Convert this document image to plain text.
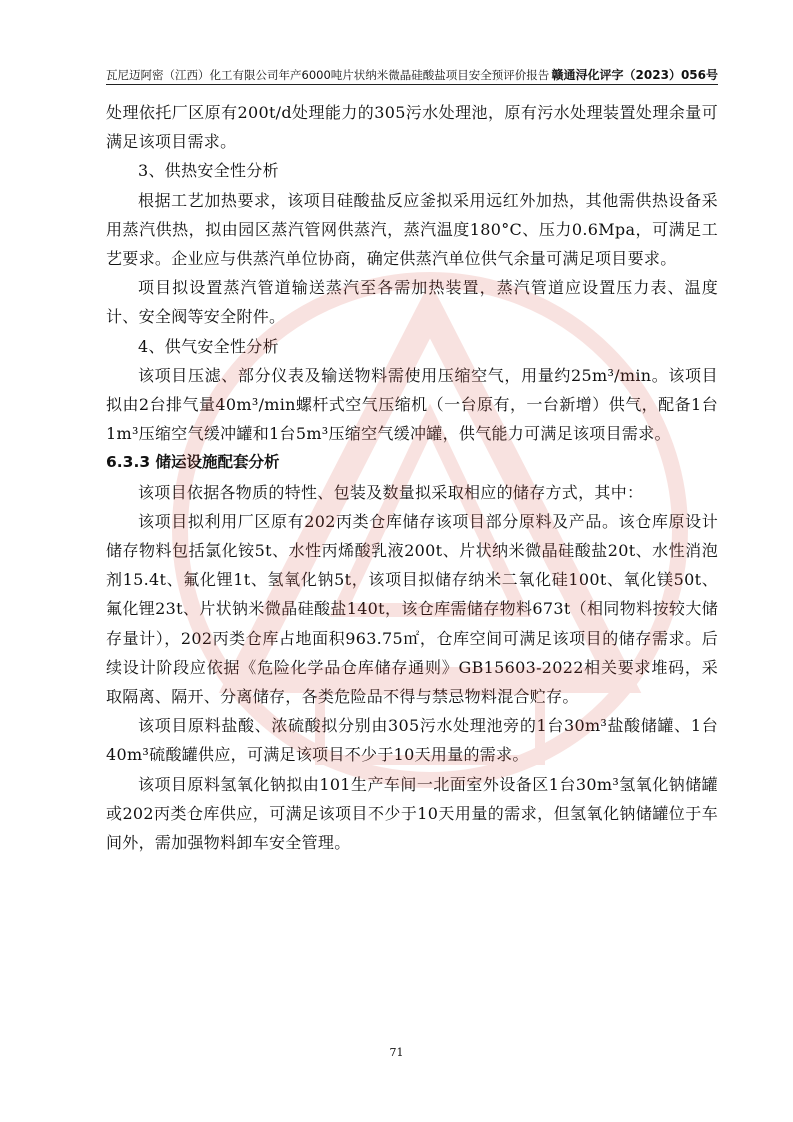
瓦尼迈阿密（江西）化工有限公司年产6000吨片状纳米微晶硅酸盐项目安全预评价报告 赣通浔化评字（2023）056号

处理依托厂区原有200t/d处理能力的305污水处理池，原有污水处理装置处理余量可满足该项目需求。

3、供热安全性分析

根据工艺加热要求，该项目硅酸盐反应釜拟采用远红外加热，其他需供热设备采用蒸汽供热，拟由园区蒸汽管网供蒸汽，蒸汽温度180°C、压力0.6Mpa，可满足工艺要求。企业应与供蒸汽单位协商，确定供蒸汽单位供气余量可满足项目要求。

项目拟设置蒸汽管道输送蒸汽至各需加热装置，蒸汽管道应设置压力表、温度计、安全阀等安全附件。

4、供气安全性分析

该项目压滤、部分仪表及输送物料需使用压缩空气，用量约25m³/min。该项目拟由2台排气量40m³/min螺杆式空气压缩机（一台原有，一台新增）供气，配备1台1m³压缩空气缓冲罐和1台5m³压缩空气缓冲罐，供气能力可满足该项目需求。

6.3.3 储运设施配套分析

该项目依据各物质的特性、包装及数量拟采取相应的储存方式，其中：

该项目拟利用厂区原有202丙类仓库储存该项目部分原料及产品。该仓库原设计储存物料包括氯化铵5t、水性丙烯酸乳液200t、片状纳米微晶硅酸盐20t、水性消泡剂15.4t、氟化锂1t、氢氧化钠5t，该项目拟储存纳米二氧化硅100t、氧化镁50t、氟化锂23t、片状钠米微晶硅酸盐140t，该仓库需储存物料673t（相同物料按较大储存量计），202丙类仓库占地面积963.75㎡，仓库空间可满足该项目的储存需求。后续设计阶段应依据《危险化学品仓库储存通则》GB15603-2022相关要求堆码，采取隔离、隔开、分离储存，各类危险品不得与禁忌物料混合贮存。

该项目原料盐酸、浓硫酸拟分别由305污水处理池旁的1台30m³盐酸储罐、1台40m³硫酸罐供应，可满足该项目不少于10天用量的需求。

该项目原料氢氧化钠拟由101生产车间一北面室外设备区1台30m³氢氧化钠储罐或202丙类仓库供应，可满足该项目不少于10天用量的需求，但氢氧化钠储罐位于车间外，需加强物料卸车安全管理。

71
